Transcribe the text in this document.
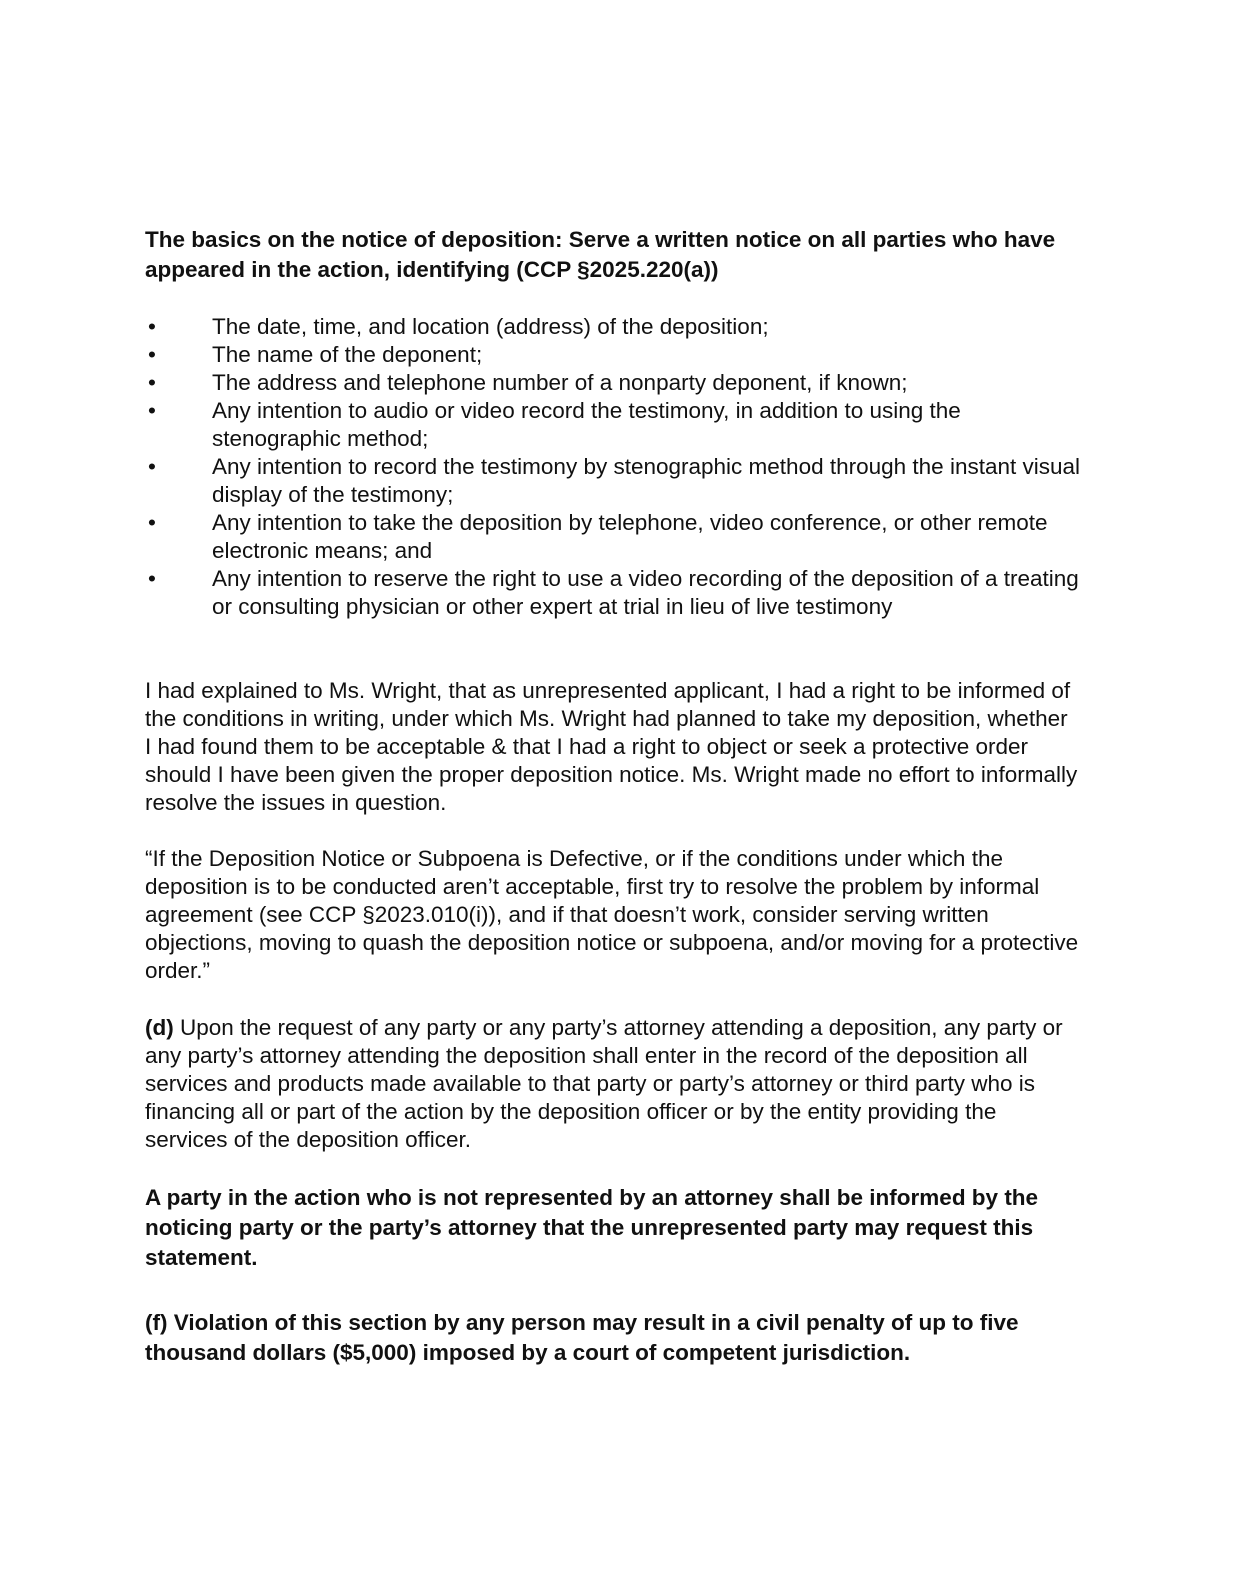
The basics on the notice of deposition: Serve a written notice on all parties who have appeared in the action, identifying (CCP §2025.220(a))

• The date, time, and location (address) of the deposition;
• The name of the deponent;
• The address and telephone number of a nonparty deponent, if known;
• Any intention to audio or video record the testimony, in addition to using the stenographic method;
• Any intention to record the testimony by stenographic method through the instant visual display of the testimony;
• Any intention to take the deposition by telephone, video conference, or other remote electronic means; and
• Any intention to reserve the right to use a video recording of the deposition of a treating or consulting physician or other expert at trial in lieu of live testimony

I had explained to Ms. Wright, that as unrepresented applicant, I had a right to be informed of the conditions in writing, under which Ms. Wright had planned to take my deposition, whether I had found them to be acceptable & that I had a right to object or seek a protective order should I have been given the proper deposition notice. Ms. Wright made no effort to informally resolve the issues in question.

“If the Deposition Notice or Subpoena is Defective, or if the conditions under which the deposition is to be conducted aren’t acceptable, first try to resolve the problem by informal agreement (see CCP §2023.010(i)), and if that doesn’t work, consider serving written objections, moving to quash the deposition notice or subpoena, and/or moving for a protective order.”

(d) Upon the request of any party or any party’s attorney attending a deposition, any party or any party’s attorney attending the deposition shall enter in the record of the deposition all services and products made available to that party or party’s attorney or third party who is financing all or part of the action by the deposition officer or by the entity providing the services of the deposition officer.

A party in the action who is not represented by an attorney shall be informed by the noticing party or the party’s attorney that the unrepresented party may request this statement.

(f) Violation of this section by any person may result in a civil penalty of up to five thousand dollars ($5,000) imposed by a court of competent jurisdiction.
